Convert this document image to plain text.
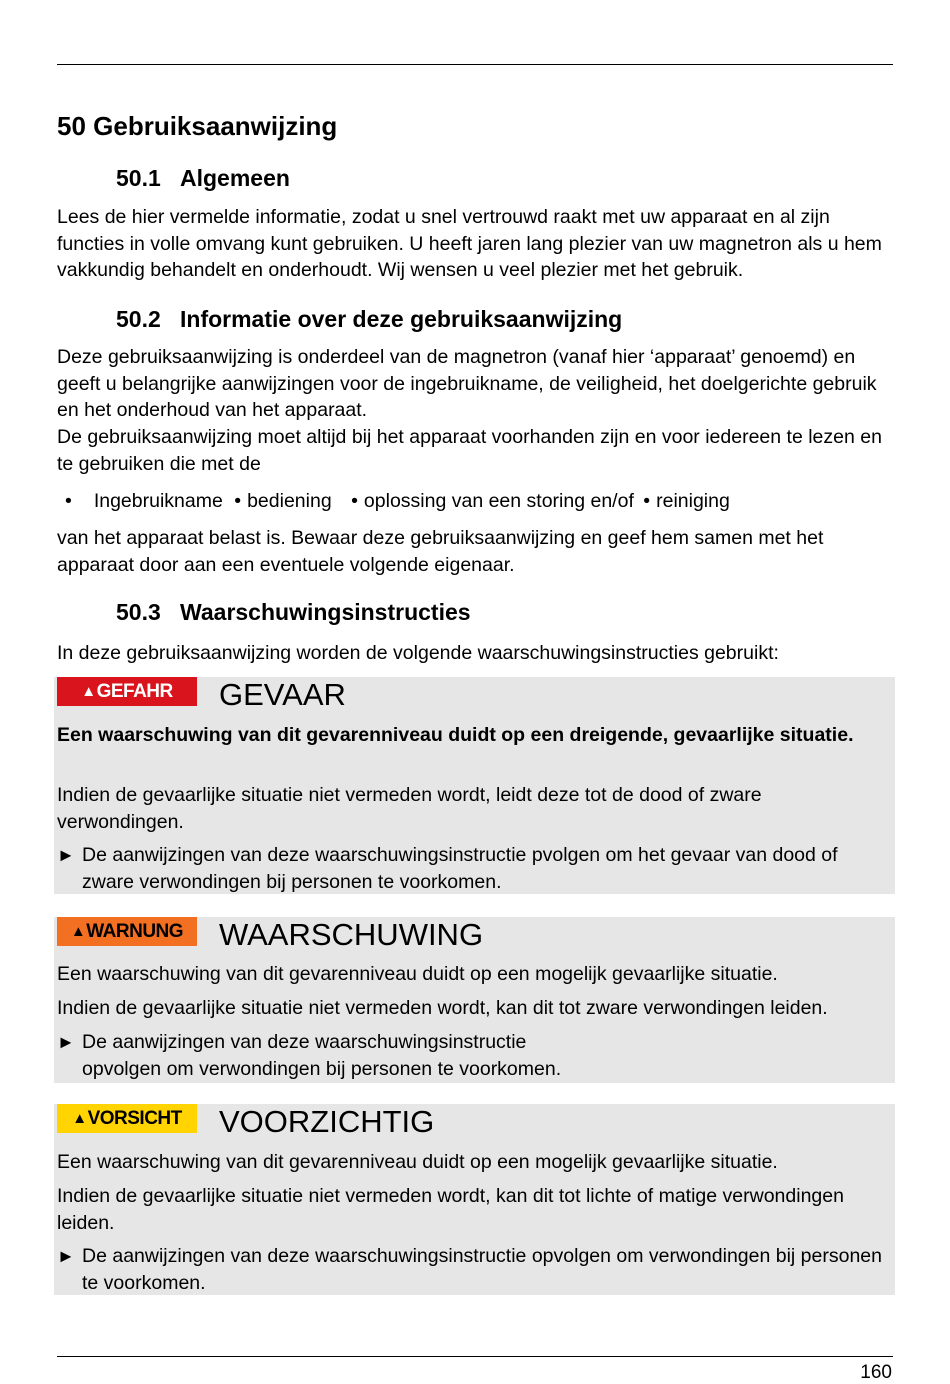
50 Gebruiksaanwijzing
50.1 Algemeen

Lees de hier vermelde informatie, zodat u snel vertrouwd raakt met uw apparaat en al zijn functies in volle omvang kunt gebruiken. U heeft jaren lang plezier van uw magnetron als u hem vakkundig behandelt en onderhoudt. Wij wensen u veel plezier met het gebruik.

50.2 Informatie over deze gebruiksaanwijzing

Deze gebruiksaanwijzing is onderdeel van de magnetron (vanaf hier ‘apparaat’ genoemd) en geeft u belangrijke aanwijzingen voor de ingebruikname, de veiligheid, het doelgerichte gebruik en het onderhoud van het apparaat.

De gebruiksaanwijzing moet altijd bij het apparaat voorhanden zijn en voor iedereen te lezen en te gebruiken die met de

• Ingebruikname • bediening • oplossing van een storing en/of • reiniging

van het apparaat belast is. Bewaar deze gebruiksaanwijzing en geef hem samen met het apparaat door aan een eventuele volgende eigenaar.

50.3 Waarschuwingsinstructies

In deze gebruiksaanwijzing worden de volgende waarschuwingsinstructies gebruikt:

▲ GEFAHR GEVAAR

Een waarschuwing van dit gevarenniveau duidt op een dreigende, gevaarlijke situatie.

Indien de gevaarlijke situatie niet vermeden wordt, leidt deze tot de dood of zware verwondingen.

► De aanwijzingen van deze waarschuwingsinstructie pvolgen om het gevaar van dood of zware verwondingen bij personen te voorkomen.
▲ WARNUNG WAARSCHUWING

Een waarschuwing van dit gevarenniveau duidt op een mogelijk gevaarlijke situatie.

Indien de gevaarlijke situatie niet vermeden wordt, kan dit tot zware verwondingen leiden.

► De aanwijzingen van deze waarschuwingsinstructie
opvolgen om verwondingen bij personen te voorkomen.
▲ VORSICHT VOORZICHTIG

Een waarschuwing van dit gevarenniveau duidt op een mogelijk gevaarlijke situatie.

Indien de gevaarlijke situatie niet vermeden wordt, kan dit tot lichte of matige verwondingen leiden.

► De aanwijzingen van deze waarschuwingsinstructie opvolgen om verwondingen bij personen te voorkomen.
160
